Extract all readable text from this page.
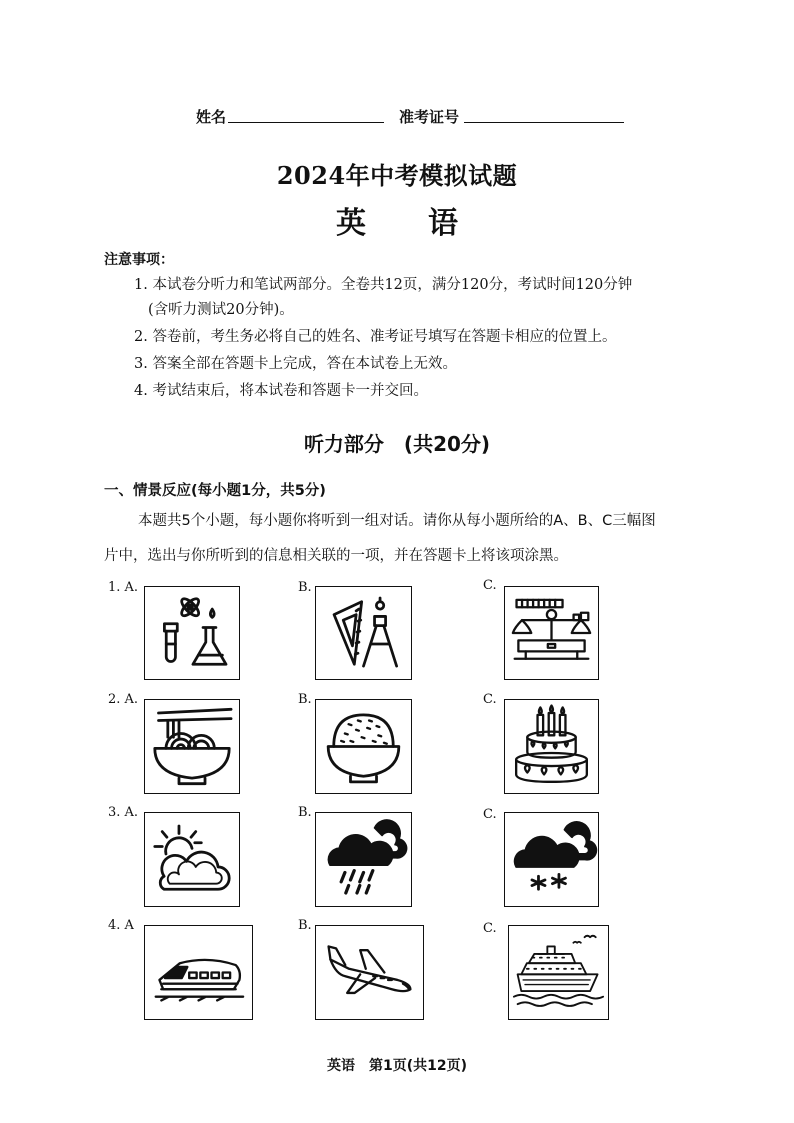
姓名	准考证号
2024年中考模拟试题
英 语
注意事项：
1. 本试卷分听力和笔试两部分。全卷共12页，满分120分，考试时间120分钟
(含听力测试20分钟)。
2. 答卷前，考生务必将自己的姓名、准考证号填写在答题卡相应的位置上。
3. 答案全部在答题卡上完成，答在本试卷上无效。
4. 考试结束后，将本试卷和答题卡一并交回。
听力部分　(共20分)
一、情景反应(每小题1分，共5分)
本题共5个小题，每小题你将听到一组对话。请你从每小题所给的A、B、C三幅图
片中，选出与你所听到的信息相关联的一项，并在答题卡上将该项涂黑。
1. A.	B.	C.
2. A.	B.	C.
3. A.	B.	C.
4. A	B.	C.
英语　第1页(共12页)
